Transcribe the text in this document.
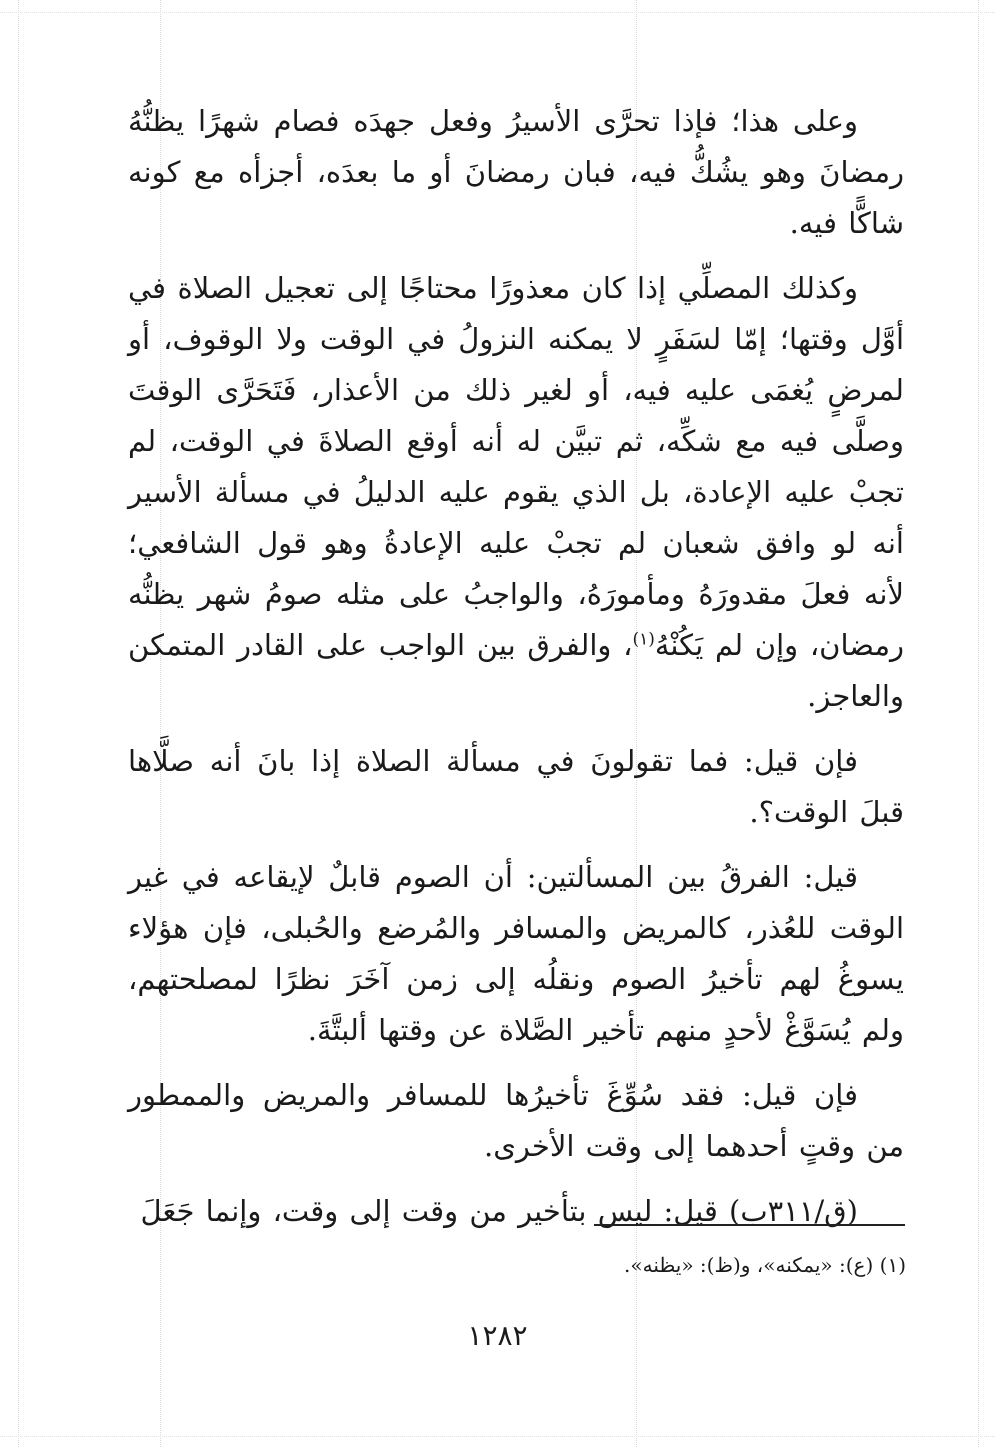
وعلى هذا؛ فإذا تحرَّى الأسيرُ وفعل جهدَه فصام شهرًا يظنُّهُ رمضانَ وهو يشُكُّ فيه، فبان رمضانَ أو ما بعدَه، أجزأه مع كونه شاكًّا فيه.

وكذلك المصلِّي إذا كان معذورًا محتاجًا إلى تعجيل الصلاة في أوَّل وقتها؛ إمّا لسَفَرٍ لا يمكنه النزولُ في الوقت ولا الوقوف، أو لمرضٍ يُغمَى عليه فيه، أو لغير ذلك من الأعذار، فَتَحَرَّى الوقتَ وصلَّى فيه مع شكِّه، ثم تبيَّن له أنه أوقع الصلاةَ في الوقت، لم تجبْ عليه الإعادة، بل الذي يقوم عليه الدليلُ في مسألة الأسير أنه لو وافق شعبان لم تجبْ عليه الإعادةُ وهو قول الشافعي؛ لأنه فعلَ مقدورَهُ ومأمورَهُ، والواجبُ على مثله صومُ شهر يظنُّه رمضان، وإن لم يَكُنْهُ$^{(١)}$، والفرق بين الواجب على القادر المتمكن والعاجز.

فإن قيل: فما تقولونَ في مسألة الصلاة إذا بانَ أنه صلَّاها قبلَ الوقت؟.

قيل: الفرقُ بين المسألتين: أن الصوم قابلٌ لإيقاعه في غير الوقت للعُذر، كالمريض والمسافر والمُرضع والحُبلى، فإن هؤلاء يسوغُ لهم تأخيرُ الصوم ونقلُه إلى زمن آخَرَ نظرًا لمصلحتهم، ولم يُسَوَّغْ لأحدٍ منهم تأخير الصَّلاة عن وقتها ألبتَّةَ.

فإن قيل: فقد سُوِّغَ تأخيرُها للمسافر والمريض والممطور من وقتٍ أحدهما إلى وقت الأخرى.

(ق/٣١١ب) قيل: ليس بتأخير من وقت إلى وقت، وإنما جَعَلَ

(١) (ع): «يمكنه»، و(ظ): «يظنه».
١٢٨٢
